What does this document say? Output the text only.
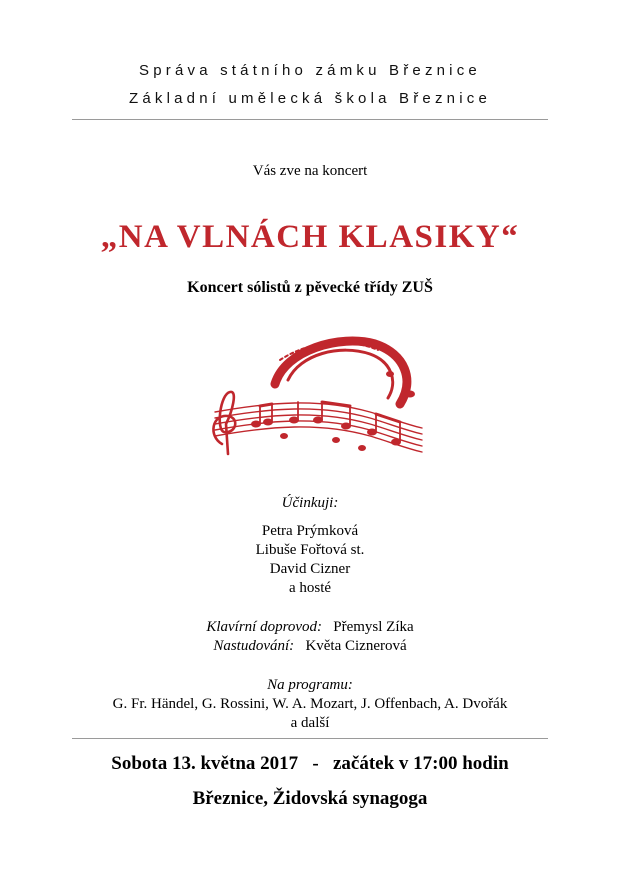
Správa státního zámku Březnice
Základní umělecká škola Březnice
Vás zve na koncert
„NA VLNÁCH KLASIKY“
Koncert sólistů z pěvecké třídy ZUŠ
Účinkuji:
Petra Prýmková
Libuše Fořtová st.
David Cizner
a hosté
Klavírní doprovod: Přemysl Zíka
Nastudování: Květa Ciznerová
Na programu:
G. Fr. Händel, G. Rossini, W. A. Mozart, J. Offenbach, A. Dvořák
a další
Sobota 13. května 2017 - začátek v 17:00 hodin
Březnice, Židovská synagoga
